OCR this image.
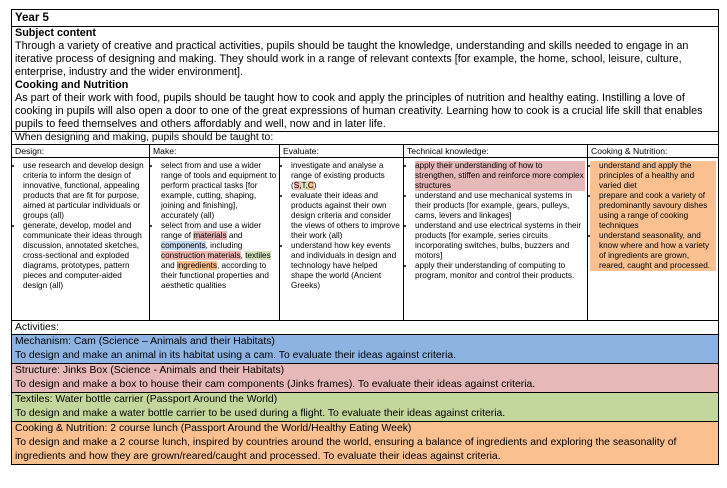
Year 5

Subject content
Through a variety of creative and practical activities, pupils should be taught the knowledge, understanding and skills needed to engage in an iterative process of designing and making. They should work in a range of relevant contexts [for example, the home, school, leisure, culture, enterprise, industry and the wider environment].
Cooking and Nutrition
As part of their work with food, pupils should be taught how to cook and apply the principles of nutrition and healthy eating. Instilling a love of cooking in pupils will also open a door to one of the great expressions of human creativity. Learning how to cook is a crucial life skill that enables pupils to feed themselves and others affordably and well, now and in later life.

When designing and making, pupils should be taught to:

Design:
• use research and develop design criteria to inform the design of innovative, functional, appealing products that are fit for purpose, aimed at particular individuals or groups (all)
• generate, develop, model and communicate their ideas through discussion, annotated sketches, cross-sectional and exploded diagrams, prototypes, pattern pieces and computer-aided design (all)

Make:
• select from and use a wider range of tools and equipment to perform practical tasks [for example, cutting, shaping, joining and finishing], accurately (all)
• select from and use a wider range of materials and components, including construction materials, textiles and ingredients, according to their functional properties and aesthetic qualities

Evaluate:
• investigate and analyse a range of existing products (S T,C)
• evaluate their ideas and products against their own design criteria and consider the views of others to improve their work (all)
• understand how key events and individuals in design and technology have helped shape the world (Ancient Greeks)

Technical knowledge:
• apply their understanding of how to strengthen, stiffen and reinforce more complex structures
• understand and use mechanical systems in their products [for example, gears, pulleys, cams, levers and linkages]
• understand and use electrical systems in their products [for example, series circuits incorporating switches, bulbs, buzzers and motors]
• apply their understanding of computing to program, monitor and control their products.

Cooking & Nutrition:
• understand and apply the principles of a healthy and varied diet
• prepare and cook a variety of predominantly savoury dishes using a range of cooking techniques
• understand seasonality, and know where and how a variety of ingredients are grown, reared, caught and processed.

Activities:

Mechanism: Cam (Science – Animals and their Habitats)
To design and make an animal in its habitat using a cam. To evaluate their ideas against criteria.

Structure: Jinks Box (Science - Animals and their Habitats)
To design and make a box to house their cam components (Jinks frames). To evaluate their ideas against criteria.

Textiles: Water bottle carrier (Passport Around the World)
To design and make a water bottle carrier to be used during a flight. To evaluate their ideas against criteria.

Cooking & Nutrition: 2 course lunch (Passport Around the World/Healthy Eating Week)
To design and make a 2 course lunch, inspired by countries around the world, ensuring a balance of ingredients and exploring the seasonality of ingredients and how they are grown/reared/caught and processed. To evaluate their ideas against criteria.
